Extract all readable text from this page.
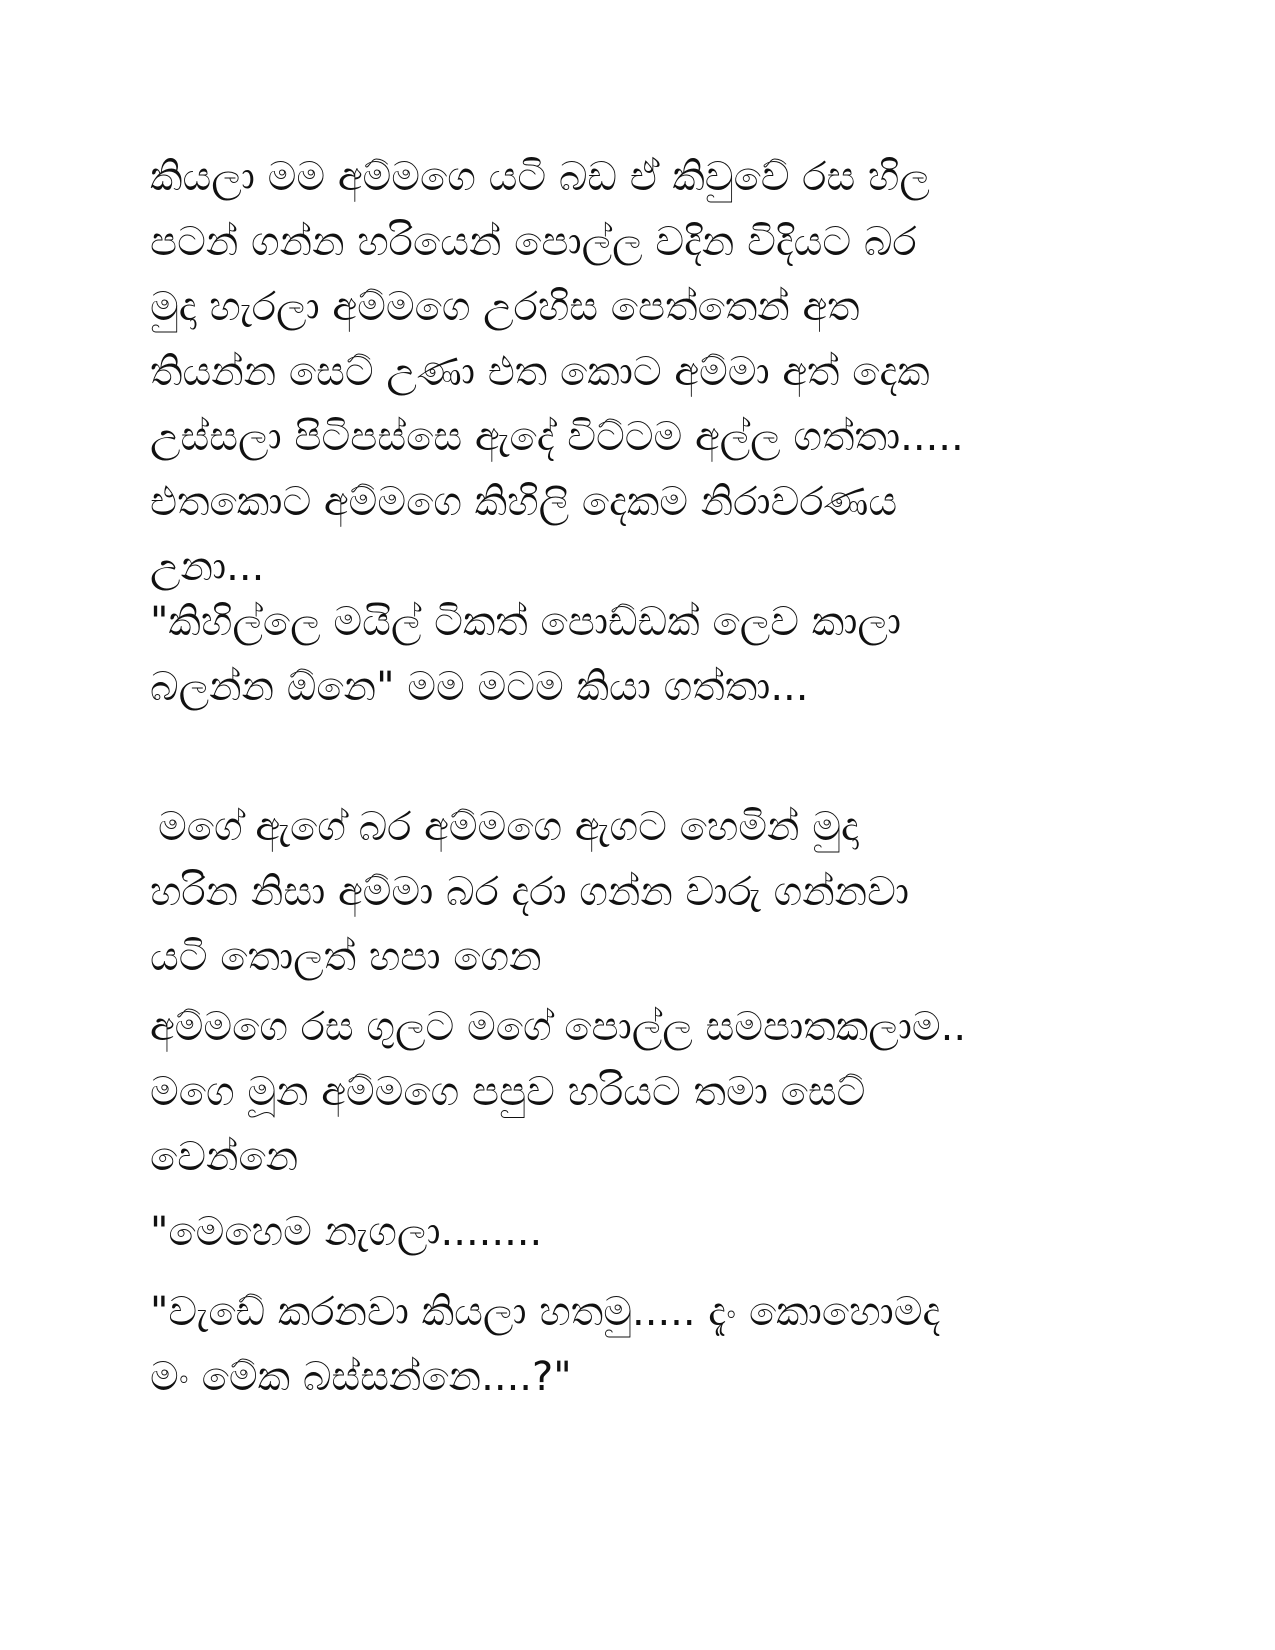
කියලා මම අම්මගෙ යටි බඩ ඒ කිවුවේ රස හිල
පටන් ගන්න හරියෙන් පොල්ල වදින විදියට බර
මුදා හැරලා අම්මගෙ උරහිස පෙත්තෙන් අත
තියන්න සෙට් උණා එත කොට අම්මා අත් දෙක
උස්සලා පිටිපස්සෙ ඇදේ විට්ටම අල්ල ගත්තා.....
එතකොට අම්මගෙ කිහිලි දෙකම නිරාවරණය
උනා...
"කිහිල්ලෙ මයිල් ටිකත් පොඩ්ඩක් ලෙව කාලා
බලන්න ඕනෙ" මම මටම කියා ගත්තා...
මගේ ඇගේ බර අම්මගෙ ඇගට හෙමින් මුදා
හරින නිසා අම්මා බර දරා ගන්න වාරු ගන්නවා
යටි තොලත් හපා ගෙන
අම්මගෙ රස ගුලට මගේ පොල්ල සමපාතකලාම..
මගෙ මූන අම්මගෙ පපුව හරියට තමා සෙට්
වෙන්නෙ
"මෙහෙම නැගලා........
"වැඩේ කරනවා කියලා හතමු..... දැං කොහොමද
මං මේක බස්සන්නෙ....?"
